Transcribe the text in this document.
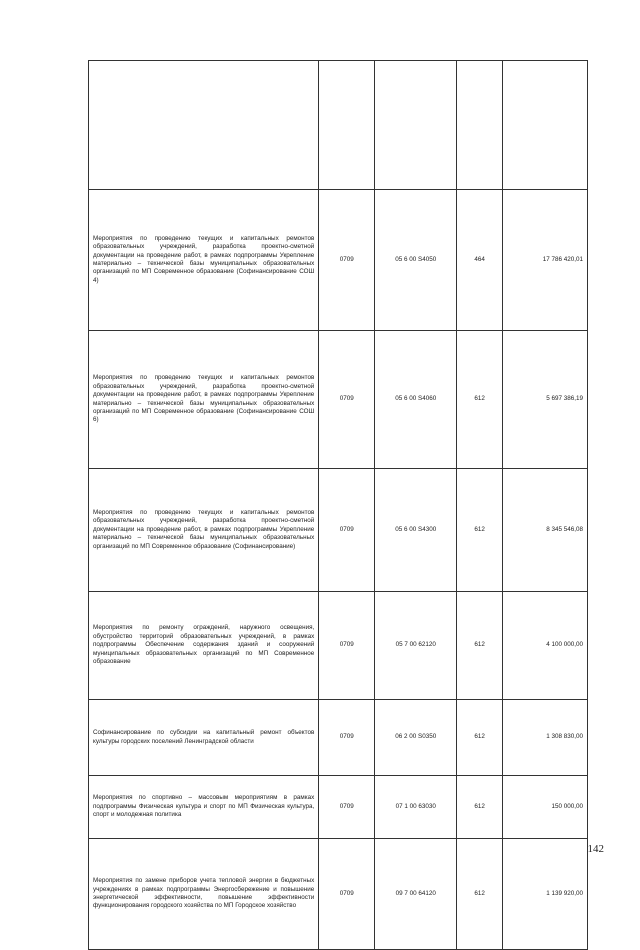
Мероприятия по проведению текущих и капитальных ремонтов образовательных учреждений, разработка проектно-сметной документации на проведение работ, в рамках подпрограммы Укрепление материально – технической базы муниципальных образовательных организаций по МП Современное образование (Софинансирование СОШ 4)	0709	05 6 00 S4050	464	17 786 420,01
Мероприятия по проведению текущих и капитальных ремонтов образовательных учреждений, разработка проектно-сметной документации на проведение работ, в рамках подпрограммы Укрепление материально – технической базы муниципальных образовательных организаций по МП Современное образование (Софинансирование СОШ 6)	0709	05 6 00 S4060	612	5 697 386,19
Мероприятия по проведению текущих и капитальных ремонтов образовательных учреждений, разработка проектно-сметной документации на проведение работ, в рамках подпрограммы Укрепление материально – технической базы муниципальных образовательных организаций по МП Современное образование (Софинансирование)	0709	05 6 00 S4300	612	8 345 546,08
Мероприятия по ремонту ограждений, наружного освещения, обустройство территорий образовательных учреждений, в рамках подпрограммы Обеспечение содержания зданий и сооружений муниципальных образовательных организаций по МП Современное образование	0709	05 7 00 62120	612	4 100 000,00
Софинансирование по субсидии на капитальный ремонт объектов культуры городских поселений Ленинградской области	0709	06 2 00 S0350	612	1 308 830,00
Мероприятия по спортивно – массовым мероприятиям в рамках подпрограммы Физическая культура и спорт по МП Физическая культура, спорт и молодежная политика	0709	07 1 00 63030	612	150 000,00
Мероприятия по замене приборов учета тепловой энергии в бюджетных учреждениях в рамках подпрограммы Энергосбережение и повышение энергетической эффективности, повышение эффективности функционирования городского хозяйства по МП Городское хозяйство	0709	09 7 00 64120	612	1 139 920,00
142
